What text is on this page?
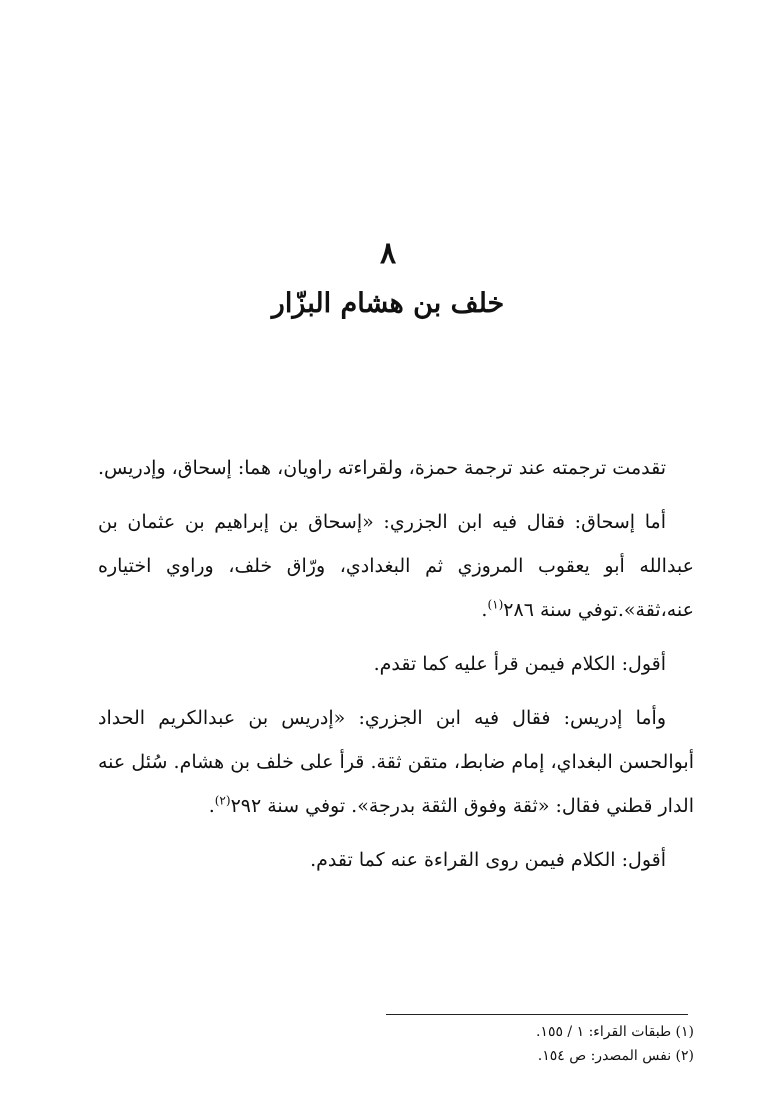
٨
خلف بن هشام البزّار

تقدمت ترجمته عند ترجمة حمزة، ولقراءته راويان، هما: إسحاق، وإدريس.

أما إسحاق: فقال فيه ابن الجزري: «إسحاق بن إبراهيم بن عثمان بن عبدالله أبو يعقوب المروزي ثم البغدادي، ورّاق خلف، وراوي اختياره عنه،ثقة».توفي سنة ٢٨٦$^{(١)}$.

أقول: الكلام فيمن قرأ عليه كما تقدم.

وأما إدريس: فقال فيه ابن الجزري: «إدريس بن عبدالكريم الحداد أبوالحسن البغداي، إمام ضابط، متقن ثقة. قرأ على خلف بن هشام. سُئل عنه الدار قطني فقال: «ثقة وفوق الثقة بدرجة». توفي سنة ٢٩٢$^{(٢)}$.

أقول: الكلام فيمن روى القراءة عنه كما تقدم.

(١) طبقات القراء: ١ / ١٥٥.

(٢) نفس المصدر: ص ١٥٤.
